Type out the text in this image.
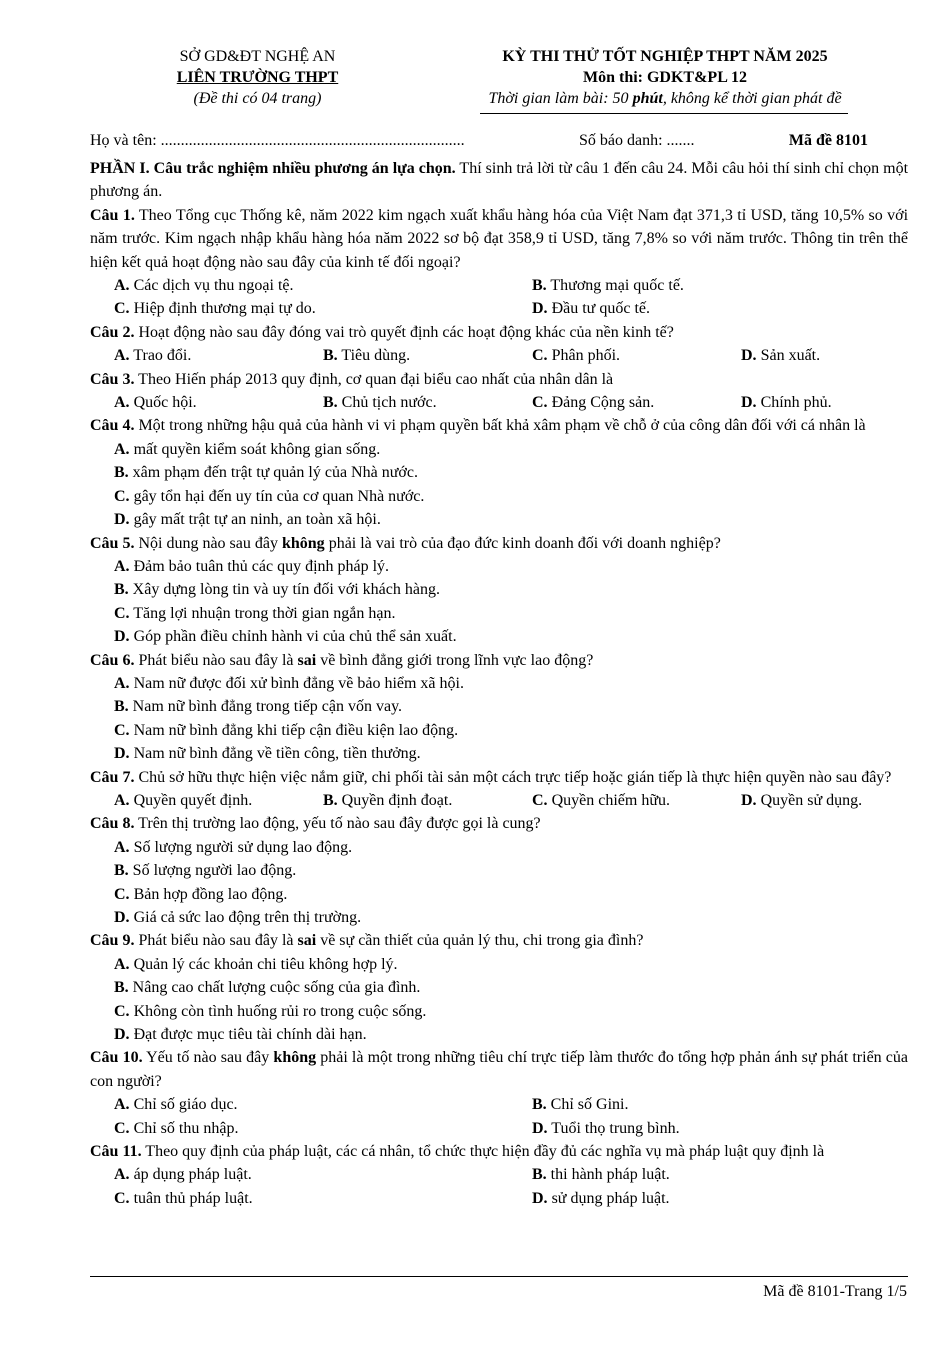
SỞ GD&ĐT NGHỆ AN
LIÊN TRƯỜNG THPT
(Đề thi có 04 trang)
KỲ THI THỬ TỐT NGHIỆP THPT NĂM 2025
Môn thi: GDKT&PL 12
Thời gian làm bài: 50 phút, không kể thời gian phát đề
Họ và tên: ............................................................................	Số báo danh: .......	Mã đề 8101

PHẦN I. Câu trắc nghiệm nhiều phương án lựa chọn. Thí sinh trả lời từ câu 1 đến câu 24. Mỗi câu hỏi thí sinh chỉ chọn một phương án.

Câu 1. Theo Tổng cục Thống kê, năm 2022 kim ngạch xuất khẩu hàng hóa của Việt Nam đạt 371,3 tỉ USD, tăng 10,5% so với năm trước. Kim ngạch nhập khẩu hàng hóa năm 2022 sơ bộ đạt 358,9 tỉ USD, tăng 7,8% so với năm trước. Thông tin trên thể hiện kết quả hoạt động nào sau đây của kinh tế đối ngoại?

A. Các dịch vụ thu ngoại tệ.	B. Thương mại quốc tế.
C. Hiệp định thương mại tự do.	D. Đầu tư quốc tế.

Câu 2. Hoạt động nào sau đây đóng vai trò quyết định các hoạt động khác của nền kinh tế?

A. Trao đổi.	B. Tiêu dùng.	C. Phân phối.	D. Sản xuất.

Câu 3. Theo Hiến pháp 2013 quy định, cơ quan đại biểu cao nhất của nhân dân là

A. Quốc hội.	B. Chủ tịch nước.	C. Đảng Cộng sản.	D. Chính phủ.

Câu 4. Một trong những hậu quả của hành vi vi phạm quyền bất khả xâm phạm về chỗ ở của công dân đối với cá nhân là

A. mất quyền kiểm soát không gian sống.
B. xâm phạm đến trật tự quản lý của Nhà nước.
C. gây tổn hại đến uy tín của cơ quan Nhà nước.
D. gây mất trật tự an ninh, an toàn xã hội.

Câu 5. Nội dung nào sau đây không phải là vai trò của đạo đức kinh doanh đối với doanh nghiệp?

A. Đảm bảo tuân thủ các quy định pháp lý.
B. Xây dựng lòng tin và uy tín đối với khách hàng.
C. Tăng lợi nhuận trong thời gian ngắn hạn.
D. Góp phần điều chỉnh hành vi của chủ thể sản xuất.

Câu 6. Phát biểu nào sau đây là sai về bình đẳng giới trong lĩnh vực lao động?

A. Nam nữ được đối xử bình đẳng về bảo hiểm xã hội.
B. Nam nữ bình đẳng trong tiếp cận vốn vay.
C. Nam nữ bình đẳng khi tiếp cận điều kiện lao động.
D. Nam nữ bình đẳng về tiền công, tiền thưởng.

Câu 7. Chủ sở hữu thực hiện việc nắm giữ, chi phối tài sản một cách trực tiếp hoặc gián tiếp là thực hiện quyền nào sau đây?

A. Quyền quyết định.	B. Quyền định đoạt.	C. Quyền chiếm hữu.	D. Quyền sử dụng.

Câu 8. Trên thị trường lao động, yếu tố nào sau đây được gọi là cung?

A. Số lượng người sử dụng lao động.
B. Số lượng người lao động.
C. Bản hợp đồng lao động.
D. Giá cả sức lao động trên thị trường.

Câu 9. Phát biểu nào sau đây là sai về sự cần thiết của quản lý thu, chi trong gia đình?

A. Quản lý các khoản chi tiêu không hợp lý.
B. Nâng cao chất lượng cuộc sống của gia đình.
C. Không còn tình huống rủi ro trong cuộc sống.
D. Đạt được mục tiêu tài chính dài hạn.

Câu 10. Yếu tố nào sau đây không phải là một trong những tiêu chí trực tiếp làm thước đo tổng hợp phản ánh sự phát triển của con người?

A. Chỉ số giáo dục.	B. Chỉ số Gini.
C. Chỉ số thu nhập.	D. Tuổi thọ trung bình.

Câu 11. Theo quy định của pháp luật, các cá nhân, tổ chức thực hiện đầy đủ các nghĩa vụ mà pháp luật quy định là

A. áp dụng pháp luật.	B. thi hành pháp luật.
C. tuân thủ pháp luật.	D. sử dụng pháp luật.
Mã đề 8101-Trang 1/5
